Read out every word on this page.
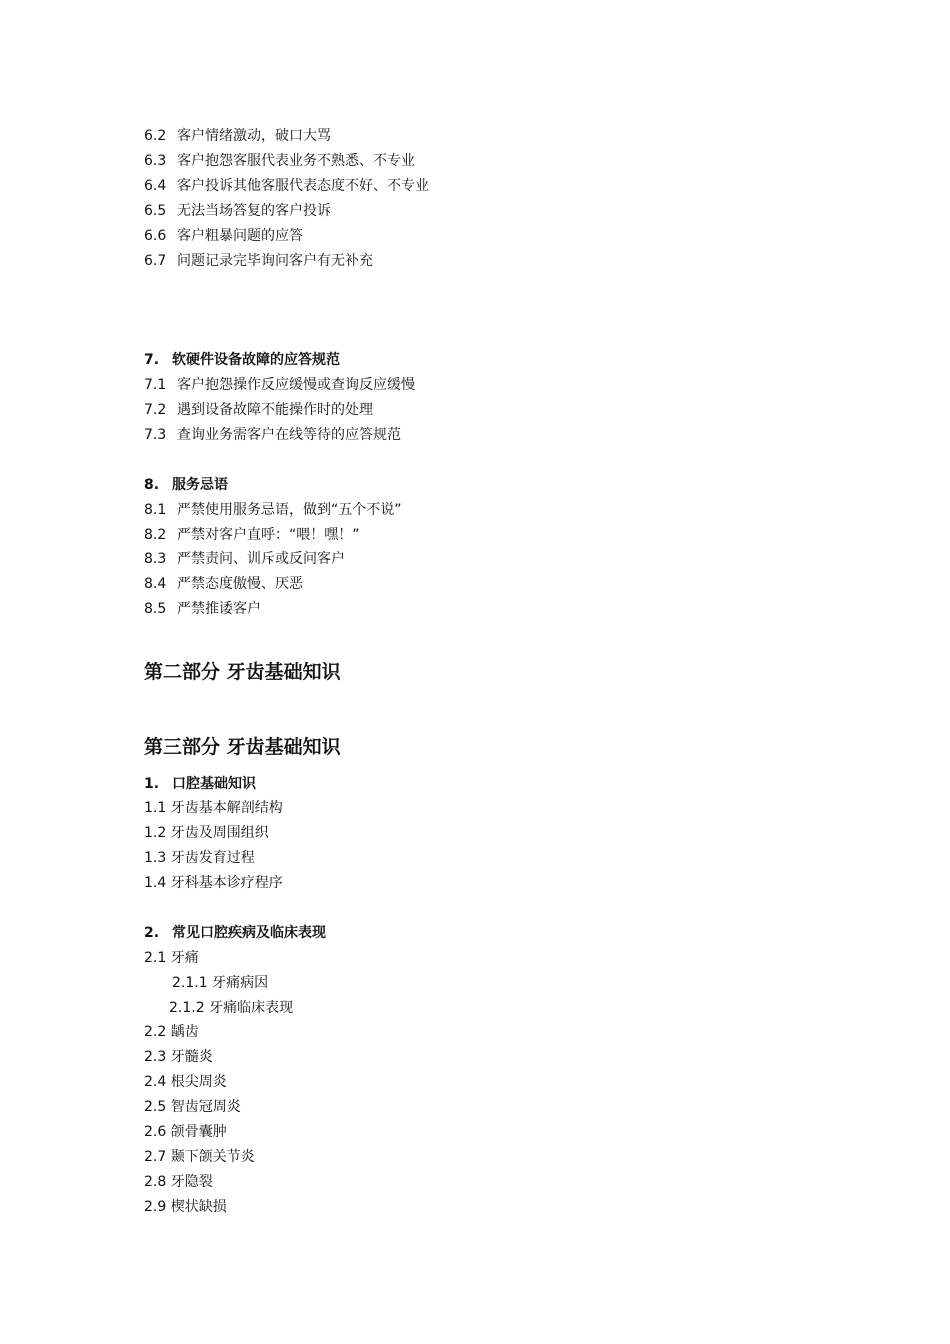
6.2 客户情绪激动，破口大骂
6.3 客户抱怨客服代表业务不熟悉、不专业
6.4 客户投诉其他客服代表态度不好、不专业
6.5 无法当场答复的客户投诉
6.6 客户粗暴问题的应答
6.7 问题记录完毕询问客户有无补充
7. 软硬件设备故障的应答规范
7.1 客户抱怨操作反应缓慢或查询反应缓慢
7.2 遇到设备故障不能操作时的处理
7.3 查询业务需客户在线等待的应答规范
8. 服务忌语
8.1 严禁使用服务忌语，做到“五个不说”
8.2 严禁对客户直呼：“喂！嘿！”
8.3 严禁责问、训斥或反问客户
8.4 严禁态度傲慢、厌恶
8.5 严禁推诿客户
第二部分 牙齿基础知识
第三部分 牙齿基础知识
1. 口腔基础知识
1.1 牙齿基本解剖结构
1.2 牙齿及周围组织
1.3 牙齿发育过程
1.4 牙科基本诊疗程序
2. 常见口腔疾病及临床表现
2.1 牙痛
2.1.1 牙痛病因
2.1.2 牙痛临床表现
2.2 龋齿
2.3 牙髓炎
2.4 根尖周炎
2.5 智齿冠周炎
2.6 颌骨囊肿
2.7 颞下颌关节炎
2.8 牙隐裂
2.9 楔状缺损
